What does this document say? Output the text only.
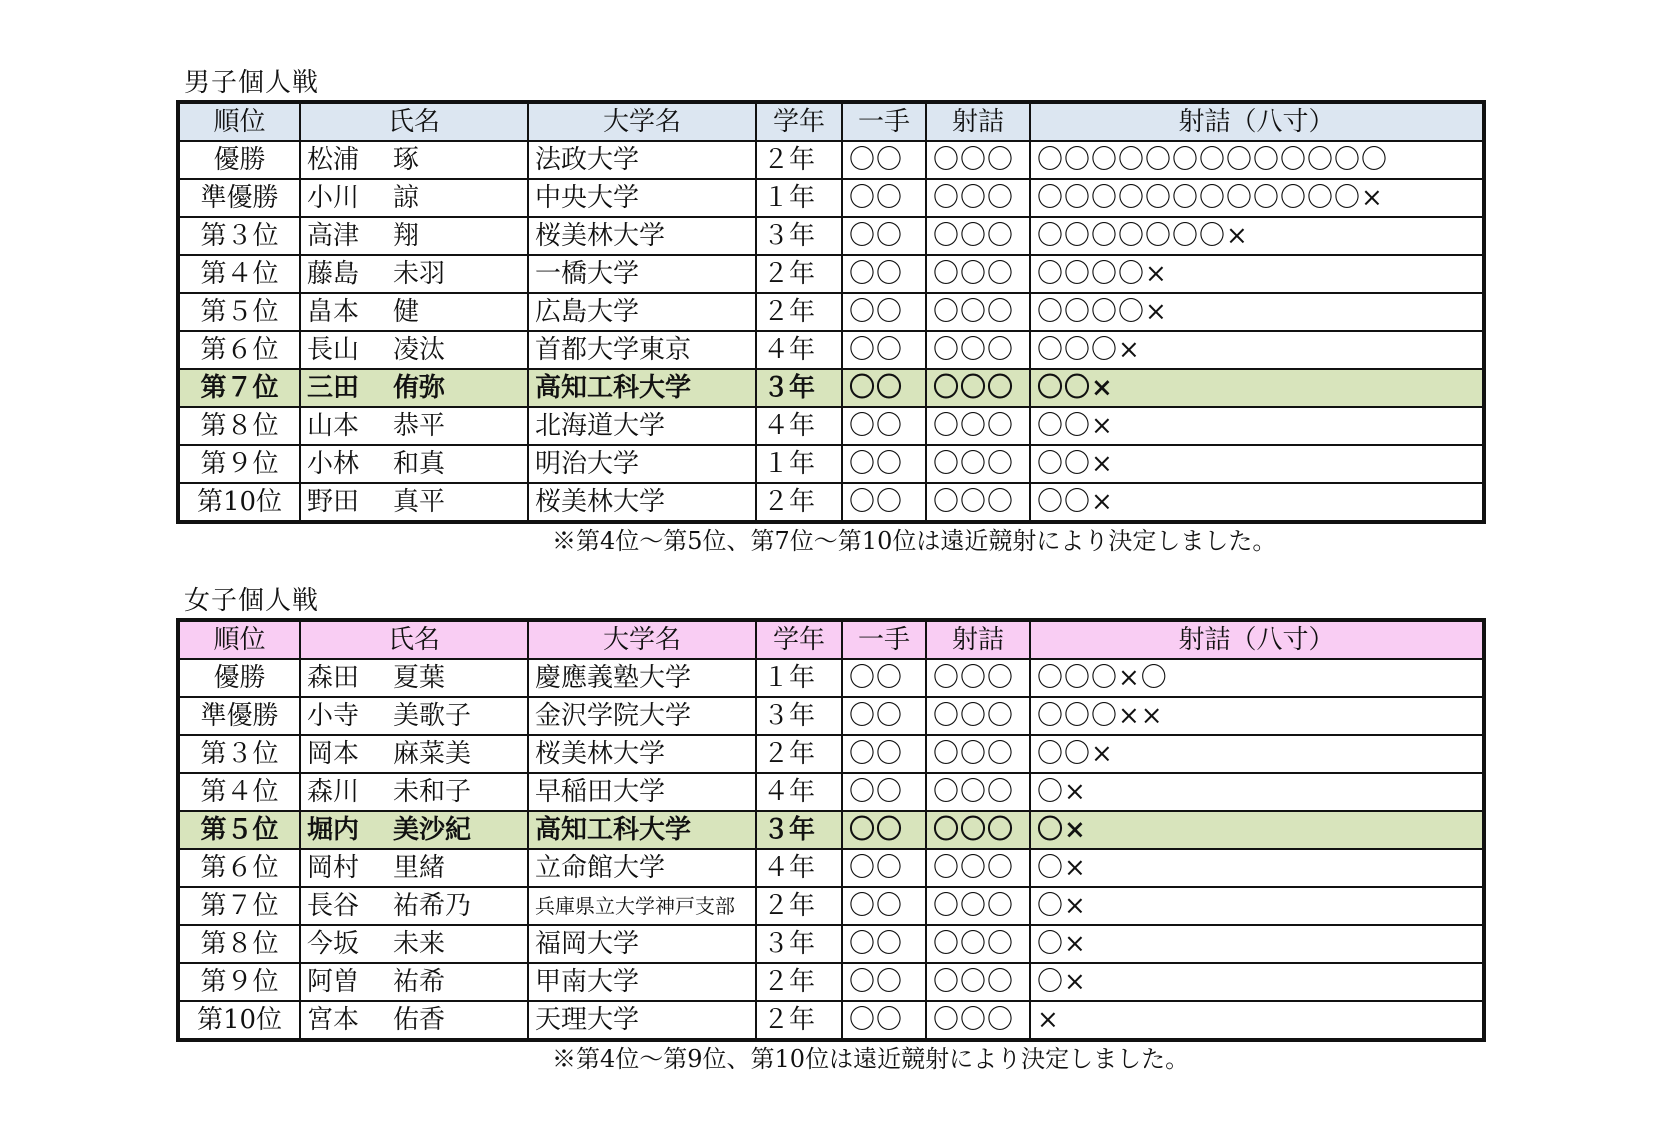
男子個人戦
順位	氏名	大学名	学年	一手	射詰	射詰（八寸）
優勝	松浦 琢	法政大学	２年	〇〇	〇〇〇	〇〇〇〇〇〇〇〇〇〇〇〇〇
準優勝	小川 諒	中央大学	１年	〇〇	〇〇〇	〇〇〇〇〇〇〇〇〇〇〇〇×
第３位	高津 翔	桜美林大学	３年	〇〇	〇〇〇	〇〇〇〇〇〇〇×
第４位	藤島 未羽	一橋大学	２年	〇〇	〇〇〇	〇〇〇〇×
第５位	畠本 健	広島大学	２年	〇〇	〇〇〇	〇〇〇〇×
第６位	長山 凌汰	首都大学東京	４年	〇〇	〇〇〇	〇〇〇×
第７位	三田 侑弥	高知工科大学	３年	〇〇	〇〇〇	〇〇×
第８位	山本 恭平	北海道大学	４年	〇〇	〇〇〇	〇〇×
第９位	小林 和真	明治大学	１年	〇〇	〇〇〇	〇〇×
第10位	野田 真平	桜美林大学	２年	〇〇	〇〇〇	〇〇×
※第4位～第5位、第7位～第10位は遠近競射により決定しました。
女子個人戦
順位	氏名	大学名	学年	一手	射詰	射詰（八寸）
優勝	森田 夏葉	慶應義塾大学	１年	〇〇	〇〇〇	〇〇〇×〇
準優勝	小寺 美歌子	金沢学院大学	３年	〇〇	〇〇〇	〇〇〇××
第３位	岡本 麻菜美	桜美林大学	２年	〇〇	〇〇〇	〇〇×
第４位	森川 未和子	早稲田大学	４年	〇〇	〇〇〇	〇×
第５位	堀内 美沙紀	高知工科大学	３年	〇〇	〇〇〇	〇×
第６位	岡村 里緒	立命館大学	４年	〇〇	〇〇〇	〇×
第７位	長谷 祐希乃	兵庫県立大学神戸支部	２年	〇〇	〇〇〇	〇×
第８位	今坂 未来	福岡大学	３年	〇〇	〇〇〇	〇×
第９位	阿曽 祐希	甲南大学	２年	〇〇	〇〇〇	〇×
第10位	宮本 佑香	天理大学	２年	〇〇	〇〇〇	×
※第4位～第9位、第10位は遠近競射により決定しました。
